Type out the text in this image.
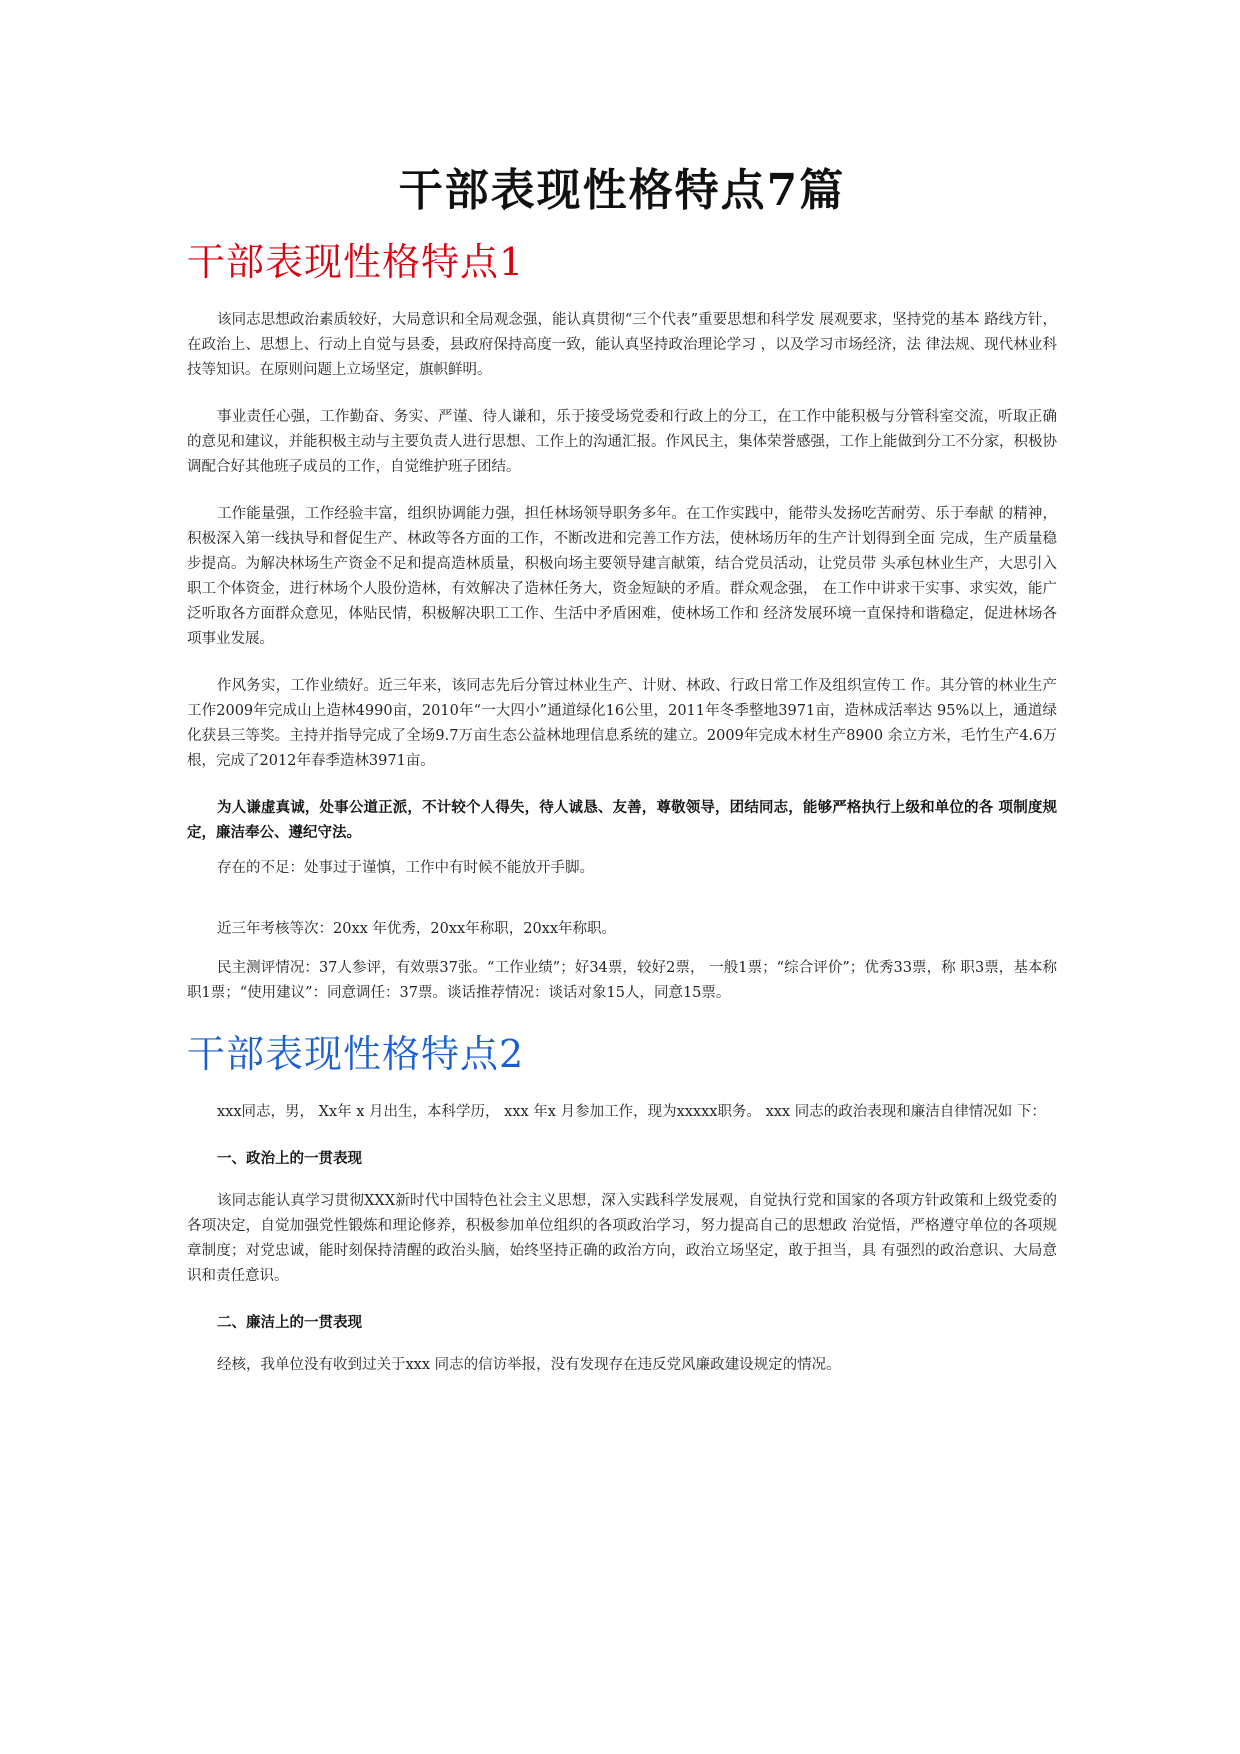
干部表现性格特点7篇
干部表现性格特点1

该同志思想政治素质较好，大局意识和全局观念强，能认真贯彻“三个代表”重要思想和科学发 展观要求，坚持党的基本 路线方针，在政治上、思想上、行动上自觉与县委，县政府保持高度一致，能认真坚持政治理论学习 ，以及学习市场经济，法 律法规、现代林业科技等知识。在原则问题上立场坚定，旗帜鲜明。

事业责任心强，工作勤奋、务实、严谨、待人谦和，乐于接受场党委和行政上的分工，在工作中能积极与分管科室交流，听取正确的意见和建议，并能积极主动与主要负责人进行思想、工作上的沟通汇报。作风民主，集体荣誉感强，工作上能做到分工不分家，积极协调配合好其他班子成员的工作，自觉维护班子团结。

工作能量强，工作经验丰富，组织协调能力强，担任林场领导职务多年。在工作实践中，能带头发扬吃苦耐劳、乐于奉献 的精神，积极深入第一线执导和督促生产、林政等各方面的工作，不断改进和完善工作方法，使林场历年的生产计划得到全面 完成，生产质量稳步提高。为解决林场生产资金不足和提高造林质量，积极向场主要领导建言献策，结合党员活动，让党员带 头承包林业生产，大思引入职工个体资金，进行林场个人股份造林，有效解决了造林任务大，资金短缺的矛盾。群众观念强， 在工作中讲求干实事、求实效，能广泛听取各方面群众意见，体贴民情，积极解决职工工作、生活中矛盾困难，使林场工作和 经济发展环境一直保持和谐稳定，促进林场各项事业发展。

作风务实，工作业绩好。近三年来，该同志先后分管过林业生产、计财、林政、行政日常工作及组织宣传工 作。其分管的林业生产工作2009年完成山上造林4990亩，2010年“一大四小”通道绿化16公里，2011年冬季整地3971亩，造林成活率达 95%以上，通道绿化获县三等奖。主持并指导完成了全场9.7万亩生态公益林地理信息系统的建立。2009年完成木材生产8900 余立方米，毛竹生产4.6万根，完成了2012年春季造林3971亩。

为人谦虚真诚，处事公道正派，不计较个人得失，待人诚恳、友善，尊敬领导，团结同志，能够严格执行上级和单位的各 项制度规定，廉洁奉公、遵纪守法。

存在的不足：处事过于谨慎，工作中有时候不能放开手脚。

近三年考核等次：20xx 年优秀，20xx年称职，20xx年称职。

民主测评情况：37人参评，有效票37张。“工作业绩”；好34票，较好2票， 一般1票；“综合评价”；优秀33票，称 职3票，基本称职1票；“使用建议”：同意调任：37票。谈话推荐情况：谈话对象15人，同意15票。

干部表现性格特点2

xxx同志，男， Xx年 x 月出生，本科学历， xxx 年x 月参加工作，现为xxxxx职务。 xxx 同志的政治表现和廉洁自律情况如 下：

一、政治上的一贯表现

该同志能认真学习贯彻XXX新时代中国特色社会主义思想，深入实践科学发展观，自觉执行党和国家的各项方针政策和上级党委的各项决定，自觉加强党性锻炼和理论修养，积极参加单位组织的各项政治学习，努力提高自己的思想政 治觉悟，严格遵守单位的各项规章制度；对党忠诚，能时刻保持清醒的政治头脑，始终坚持正确的政治方向，政治立场坚定，敢于担当，具 有强烈的政治意识、大局意识和责任意识。

二、廉洁上的一贯表现

经核，我单位没有收到过关于xxx 同志的信访举报，没有发现存在违反党风廉政建设规定的情况。
